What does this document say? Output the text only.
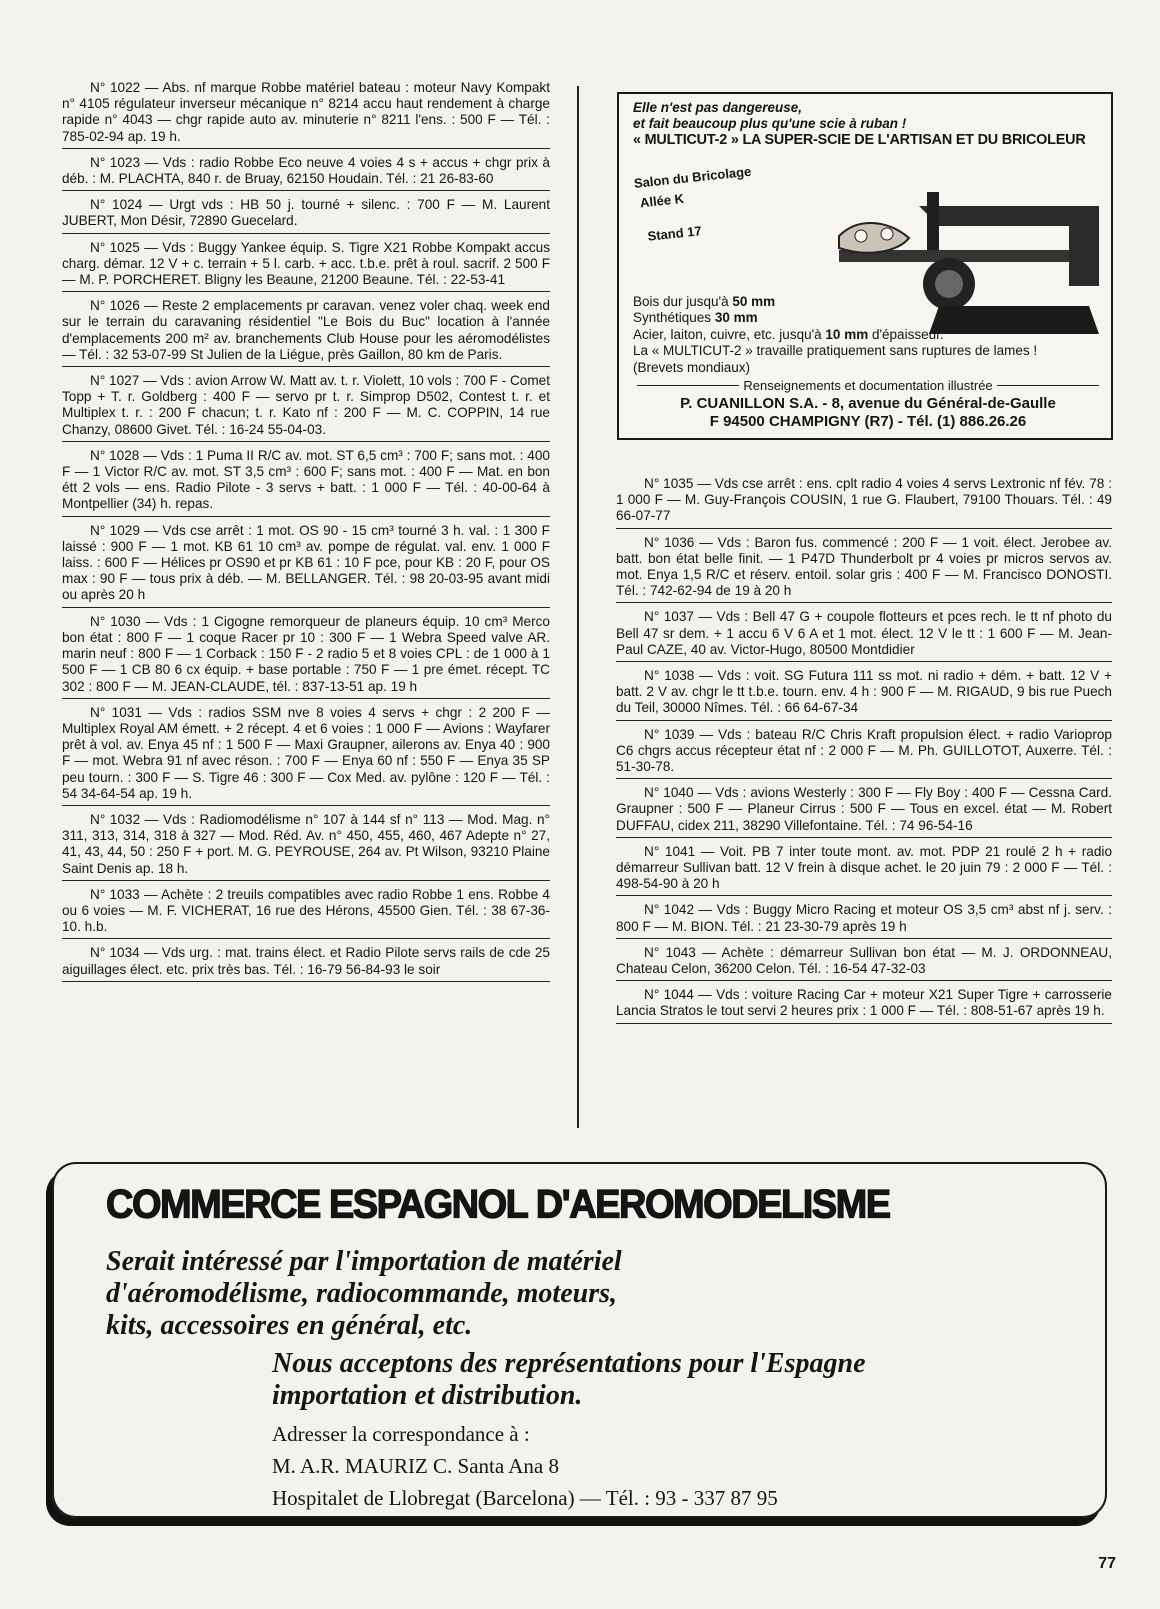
N° 1022 — Abs. nf marque Robbe matériel bateau : moteur Navy Kompakt n° 4105 régulateur inverseur mécanique n° 8214 accu haut rendement à charge rapide n° 4043 — chgr rapide auto av. minuterie n° 8211 l'ens. : 500 F — Tél. : 785-02-94 ap. 19 h.

N° 1023 — Vds : radio Robbe Eco neuve 4 voies 4 s + accus + chgr prix à déb. : M. PLACHTA, 840 r. de Bruay, 62150 Houdain. Tél. : 21 26-83-60

N° 1024 — Urgt vds : HB 50 j. tourné + silenc. : 700 F — M. Laurent JUBERT, Mon Désir, 72890 Guecelard.

N° 1025 — Vds : Buggy Yankee équip. S. Tigre X21 Robbe Kompakt accus charg. démar. 12 V + c. terrain + 5 l. carb. + acc. t.b.e. prêt à roul. sacrif. 2 500 F — M. P. PORCHERET. Bligny les Beaune, 21200 Beaune. Tél. : 22-53-41

N° 1026 — Reste 2 emplacements pr caravan. venez voler chaq. week end sur le terrain du caravaning résidentiel "Le Bois du Buc" location à l'année d'emplacements 200 m² av. branchements Club House pour les aéromodélistes — Tél. : 32 53-07-99 St Julien de la Liégue, près Gaillon, 80 km de Paris.

N° 1027 — Vds : avion Arrow W. Matt av. t. r. Violett, 10 vols : 700 F - Comet Topp + T. r. Goldberg : 400 F — servo pr t. r. Simprop D502, Contest t. r. et Multiplex t. r. : 200 F chacun; t. r. Kato nf : 200 F — M. C. COPPIN, 14 rue Chanzy, 08600 Givet. Tél. : 16-24 55-04-03.

N° 1028 — Vds : 1 Puma II R/C av. mot. ST 6,5 cm³ : 700 F; sans mot. : 400 F — 1 Victor R/C av. mot. ST 3,5 cm³ : 600 F; sans mot. : 400 F — Mat. en bon étt 2 vols — ens. Radio Pilote - 3 servs + batt. : 1 000 F — Tél. : 40-00-64 à Montpellier (34) h. repas.

N° 1029 — Vds cse arrêt : 1 mot. OS 90 - 15 cm³ tourné 3 h. val. : 1 300 F laissé : 900 F — 1 mot. KB 61 10 cm³ av. pompe de régulat. val. env. 1 000 F laiss. : 600 F — Hélices pr OS90 et pr KB 61 : 10 F pce, pour KB : 20 F, pour OS max : 90 F — tous prix à déb. — M. BELLANGER. Tél. : 98 20-03-95 avant midi ou après 20 h

N° 1030 — Vds : 1 Cigogne remorqueur de planeurs équip. 10 cm³ Merco bon état : 800 F — 1 coque Racer pr 10 : 300 F — 1 Webra Speed valve AR. marin neuf : 800 F — 1 Corback : 150 F - 2 radio 5 et 8 voies CPL : de 1 000 à 1 500 F — 1 CB 80 6 cx équip. + base portable : 750 F — 1 pre émet. récept. TC 302 : 800 F — M. JEAN-CLAUDE, tél. : 837-13-51 ap. 19 h

N° 1031 — Vds : radios SSM nve 8 voies 4 servs + chgr : 2 200 F — Multiplex Royal AM émett. + 2 récept. 4 et 6 voies : 1 000 F — Avions : Wayfarer prêt à vol. av. Enya 45 nf : 1 500 F — Maxi Graupner, ailerons av. Enya 40 : 900 F — mot. Webra 91 nf avec réson. : 700 F — Enya 60 nf : 550 F — Enya 35 SP peu tourn. : 300 F — S. Tigre 46 : 300 F — Cox Med. av. pylône : 120 F — Tél. : 54 34-64-54 ap. 19 h.

N° 1032 — Vds : Radiomodélisme n° 107 à 144 sf n° 113 — Mod. Mag. n° 311, 313, 314, 318 à 327 — Mod. Réd. Av. n° 450, 455, 460, 467 Adepte n° 27, 41, 43, 44, 50 : 250 F + port. M. G. PEYROUSE, 264 av. Pt Wilson, 93210 Plaine Saint Denis ap. 18 h.

N° 1033 — Achète : 2 treuils compatibles avec radio Robbe 1 ens. Robbe 4 ou 6 voies — M. F. VICHERAT, 16 rue des Hérons, 45500 Gien. Tél. : 38 67-36-10. h.b.

N° 1034 — Vds urg. : mat. trains élect. et Radio Pilote servs rails de cde 25 aiguillages élect. etc. prix très bas. Tél. : 16-79 56-84-93 le soir

Elle n'est pas dangereuse,
et fait beaucoup plus qu'une scie à ruban !
« MULTICUT-2 » LA SUPER-SCIE DE L'ARTISAN ET DU BRICOLEUR
Salon du Bricolage
Allée K
Stand 17
Bois dur jusqu'à 50 mm
Synthétiques 30 mm
Acier, laiton, cuivre, etc. jusqu'à 10 mm d'épaisseur.
La « MULTICUT-2 » travaille pratiquement sans ruptures de lames !
(Brevets mondiaux)
Renseignements et documentation illustrée
P. CUANILLON S.A. - 8, avenue du Général-de-Gaulle
F 94500 CHAMPIGNY (R7) - Tél. (1) 886.26.26

N° 1035 — Vds cse arrêt : ens. cplt radio 4 voies 4 servs Lextronic nf fév. 78 : 1 000 F — M. Guy-François COUSIN, 1 rue G. Flaubert, 79100 Thouars. Tél. : 49 66-07-77

N° 1036 — Vds : Baron fus. commencé : 200 F — 1 voit. élect. Jerobee av. batt. bon état belle finit. — 1 P47D Thunderbolt pr 4 voies pr micros servos av. mot. Enya 1,5 R/C et réserv. entoil. solar gris : 400 F — M. Francisco DONOSTI. Tél. : 742-62-94 de 19 à 20 h

N° 1037 — Vds : Bell 47 G + coupole flotteurs et pces rech. le tt nf photo du Bell 47 sr dem. + 1 accu 6 V 6 A et 1 mot. élect. 12 V le tt : 1 600 F — M. Jean-Paul CAZE, 40 av. Victor-Hugo, 80500 Montdidier

N° 1038 — Vds : voit. SG Futura 111 ss mot. ni radio + dém. + batt. 12 V + batt. 2 V av. chgr le tt t.b.e. tourn. env. 4 h : 900 F — M. RIGAUD, 9 bis rue Puech du Teil, 30000 Nîmes. Tél. : 66 64-67-34

N° 1039 — Vds : bateau R/C Chris Kraft propulsion élect. + radio Varioprop C6 chgrs accus récepteur état nf : 2 000 F — M. Ph. GUILLOTOT, Auxerre. Tél. : 51-30-78.

N° 1040 — Vds : avions Westerly : 300 F — Fly Boy : 400 F — Cessna Card. Graupner : 500 F — Planeur Cirrus : 500 F — Tous en excel. état — M. Robert DUFFAU, cidex 211, 38290 Villefontaine. Tél. : 74 96-54-16

N° 1041 — Voit. PB 7 inter toute mont. av. mot. PDP 21 roulé 2 h + radio démarreur Sullivan batt. 12 V frein à disque achet. le 20 juin 79 : 2 000 F — Tél. : 498-54-90 à 20 h

N° 1042 — Vds : Buggy Micro Racing et moteur OS 3,5 cm³ abst nf j. serv. : 800 F — M. BION. Tél. : 21 23-30-79 après 19 h

N° 1043 — Achète : démarreur Sullivan bon état — M. J. ORDONNEAU, Chateau Celon, 36200 Celon. Tél. : 16-54 47-32-03

N° 1044 — Vds : voiture Racing Car + moteur X21 Super Tigre + carrosserie Lancia Stratos le tout servi 2 heures prix : 1 000 F — Tél. : 808-51-67 après 19 h.

COMMERCE ESPAGNOL D'AEROMODELISME
Serait intéressé par l'importation de matériel
d'aéromodélisme, radiocommande, moteurs,
kits, accessoires en général, etc.
Nous acceptons des représentations pour l'Espagne
importation et distribution.
Adresser la correspondance à :
M. A.R. MAURIZ C. Santa Ana 8
Hospitalet de Llobregat (Barcelona) — Tél. : 93 - 337 87 95
77
